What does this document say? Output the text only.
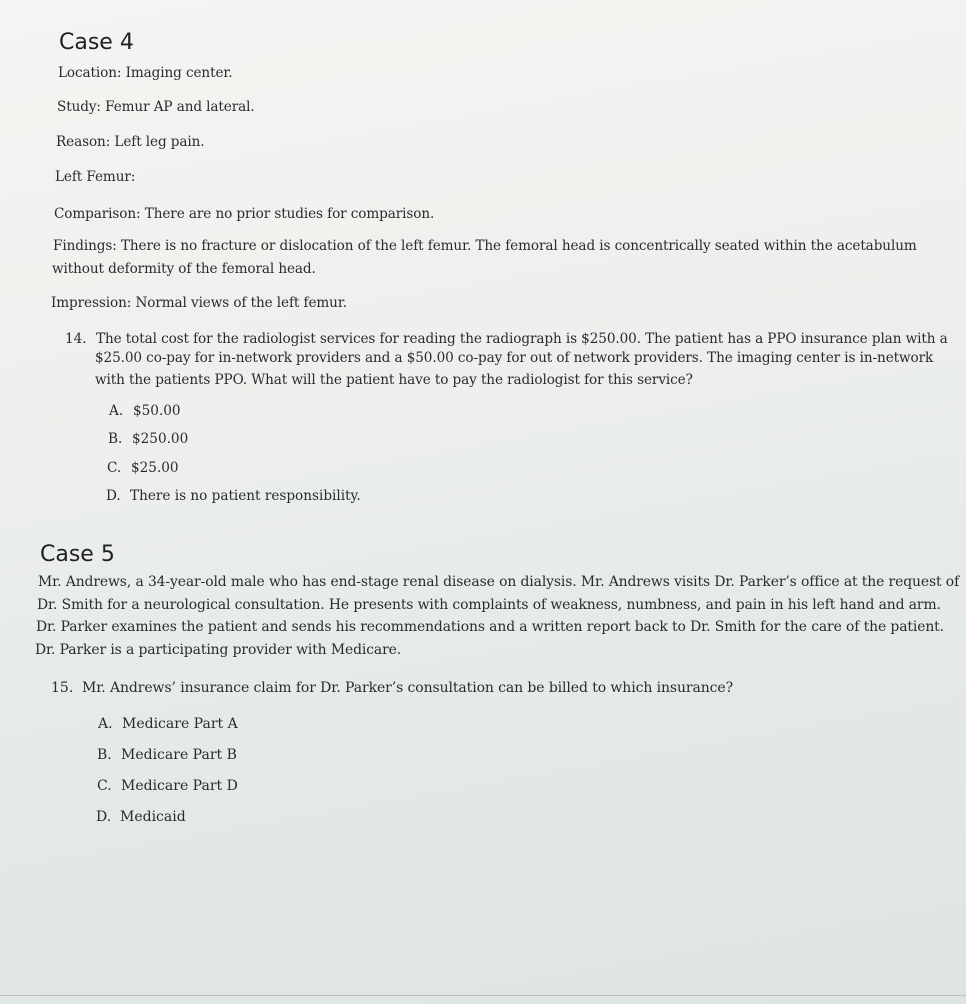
Case 4
Location: Imaging center.
Study: Femur AP and lateral.
Reason: Left leg pain.
Left Femur:
Comparison: There are no prior studies for comparison.
Findings: There is no fracture or dislocation of the left femur. The femoral head is concentrically seated within the acetabulum
without deformity of the femoral head.
Impression: Normal views of the left femur.
14. The total cost for the radiologist services for reading the radiograph is $250.00. The patient has a PPO insurance plan with a
$25.00 co-pay for in-network providers and a $50.00 co-pay for out of network providers. The imaging center is in-network
with the patients PPO. What will the patient have to pay the radiologist for this service?
A. $50.00
B. $250.00
C. $25.00
D. There is no patient responsibility.
Case 5
Mr. Andrews, a 34-year-old male who has end-stage renal disease on dialysis. Mr. Andrews visits Dr. Parker’s office at the request of
Dr. Smith for a neurological consultation. He presents with complaints of weakness, numbness, and pain in his left hand and arm.
Dr. Parker examines the patient and sends his recommendations and a written report back to Dr. Smith for the care of the patient.
Dr. Parker is a participating provider with Medicare.
15. Mr. Andrews’ insurance claim for Dr. Parker’s consultation can be billed to which insurance?
A. Medicare Part A
B. Medicare Part B
C. Medicare Part D
D. Medicaid
